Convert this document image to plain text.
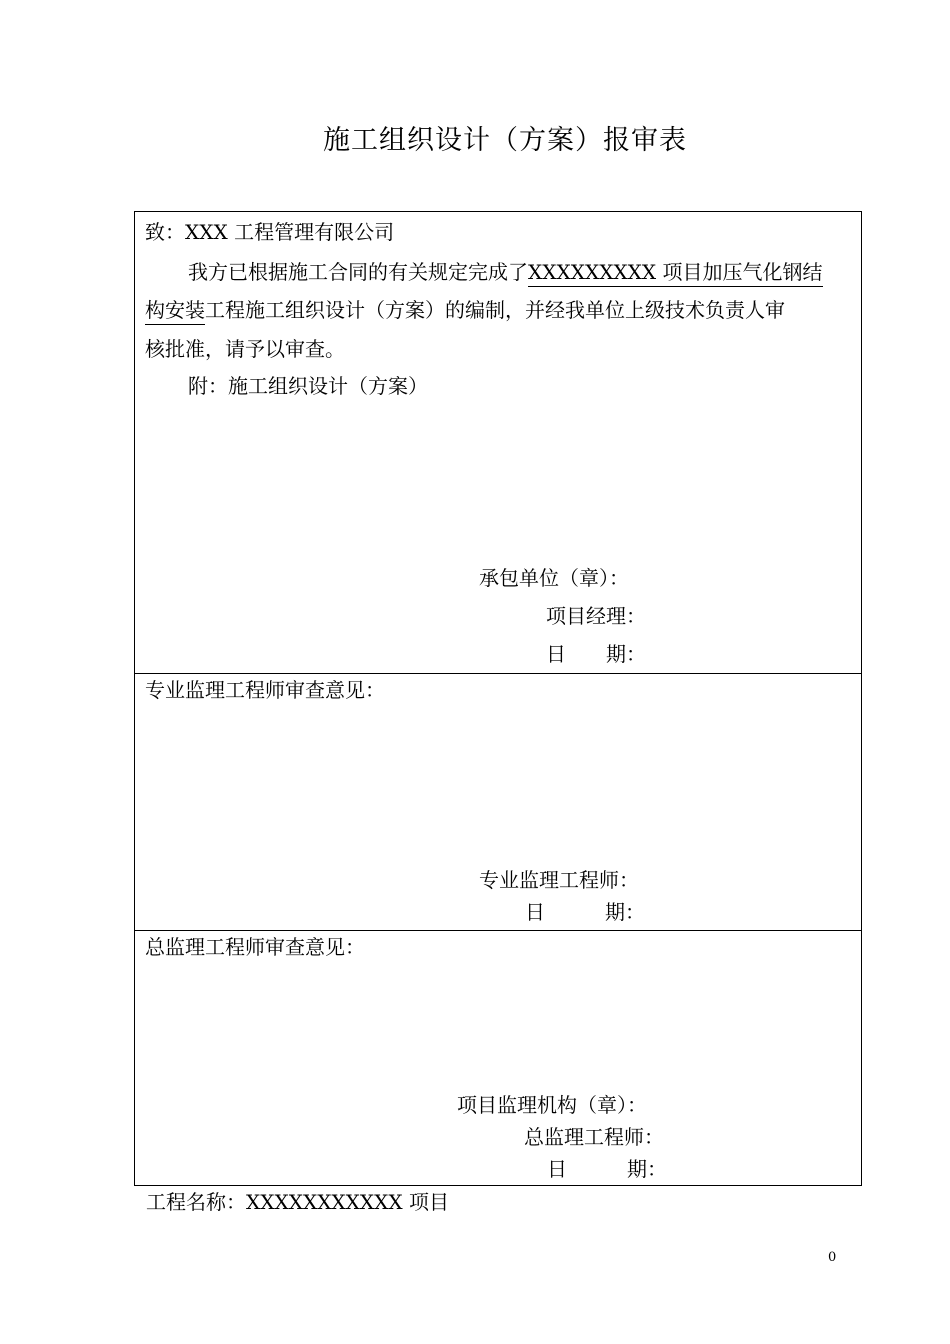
施工组织设计（方案）报审表
致：XXX 工程管理有限公司
我方已根据施工合同的有关规定完成了XXXXXXXXX 项目加压气化钢结
构安装工程施工组织设计（方案）的编制，并经我单位上级技术负责人审
核批准，请予以审查。
附：施工组织设计（方案）
承包单位（章）：
项目经理：
日　　期：
专业监理工程师审查意见：
专业监理工程师：
日　　　期：
总监理工程师审查意见：
项目监理机构（章）：
总监理工程师：
日　　　期：
工程名称：XXXXXXXXXXX 项目
0
